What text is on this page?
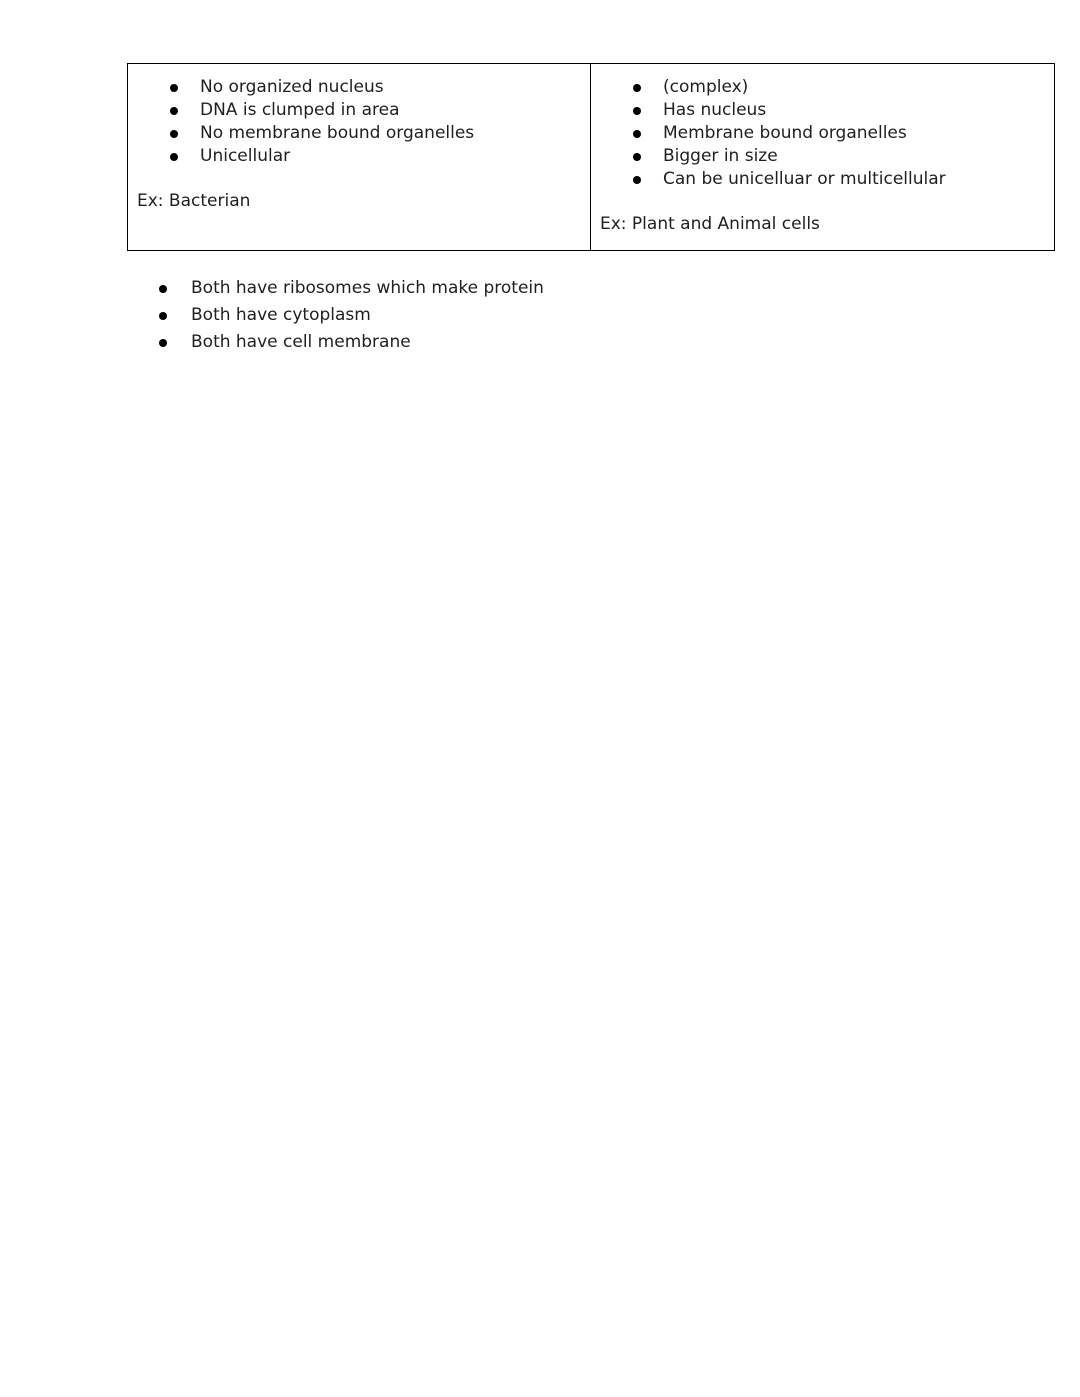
No organized nucleus
DNA is clumped in area
No membrane bound organelles
Unicellular
Ex: Bacterian

(complex)
Has nucleus
Membrane bound organelles
Bigger in size
Can be unicelluar or multicellular
Ex: Plant and Animal cells
Both have ribosomes which make protein
Both have cytoplasm
Both have cell membrane
